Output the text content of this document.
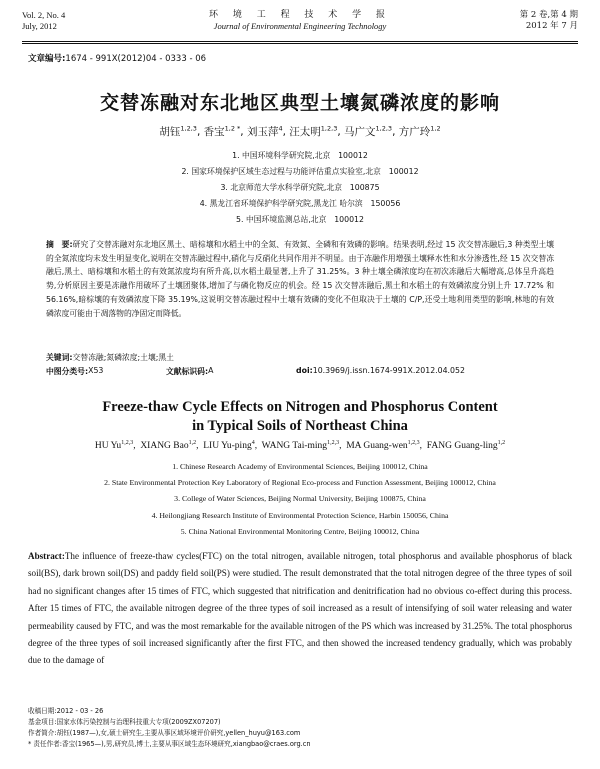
Vol. 2, No. 4
July, 2012
环 境 工 程 技 术 学 报
Journal of Environmental Engineering Technology
第 2 卷,第 4 期
2012 年 7 月
文章编号:1674 - 991X(2012)04 - 0333 - 06
交替冻融对东北地区典型土壤氮磷浓度的影响
胡钰$^{1,2,3}$, 香宝$^{1,2 *}$, 刘玉萍$^4$, 汪太明$^{1,2,3}$, 马广文$^{1,2,3}$, 方广玲$^{1,2}$
1. 中国环境科学研究院,北京　100012
2. 国家环境保护区域生态过程与功能评估重点实验室,北京　100012
3. 北京师范大学水科学研究院,北京　100875
4. 黑龙江省环境保护科学研究院,黑龙江 哈尔滨　150056
5. 中国环境监测总站,北京　100012
摘　要:研究了交替冻融对东北地区黑土、暗棕壤和水稻土中的全氮、有效氮、全磷和有效磷的影响。结果表明,经过 15 次交替冻融后,3 种类型土壤的全氮浓度均未发生明显变化,说明在交替冻融过程中,硝化与反硝化共同作用并不明显。由于冻融作用增强土壤释水性和水分渗透性,经 15 次交替冻融后,黑土、暗棕壤和水稻土的有效氮浓度均有所升高,以水稻土最显著,上升了 31.25%。3 种土壤全磷浓度均在初次冻融后大幅增高,总体呈升高趋势,分析原因主要是冻融作用破坏了土壤团聚体,增加了与磷化物反应的机会。经 15 次交替冻融后,黑土和水稻土的有效磷浓度分别上升 17.72% 和 56.16%,暗棕壤的有效磷浓度下降 35.19%,这说明交替冻融过程中土壤有效磷的变化不但取决于土壤的 C/P,还受土地利用类型的影响,林地的有效磷浓度可能由于凋落物的净固定而降低。
关键词:交替冻融;氮磷浓度;土壤;黑土
中图分类号: X53	文献标识码: A	doi: 10.3969/j.issn.1674-991X.2012.04.052
Freeze-thaw Cycle Effects on Nitrogen and Phosphorus Content
in Typical Soils of Northeast China
HU Yu$^{1,2,3}$,  XIANG Bao$^{1,2}$,  LIU Yu-ping$^4$,  WANG Tai-ming$^{1,2,3}$,  MA Guang-wen$^{1,2,3}$,  FANG Guang-ling$^{1,2}$
1. Chinese Research Academy of Environmental Sciences, Beijing 100012, China
2. State Environmental Protection Key Laboratory of Regional Eco-process and Function Assessment, Beijing 100012, China
3. College of Water Sciences, Beijing Normal University, Beijing 100875, China
4. Heilongjiang Research Institute of Environmental Protection Science, Harbin 150056, China
5. China National Environmental Monitoring Centre, Beijing 100012, China
Abstract:The influence of freeze-thaw cycles(FTC) on the total nitrogen, available nitrogen, total phosphorus and available phosphorus of black soil(BS), dark brown soil(DS) and paddy field soil(PS) were studied. The result demonstrated that the total nitrogen degree of the three types of soil had no significant changes after 15 times of FTC, which suggested that nitrification and denitrification had no obvious co-effect during this process. After 15 times of FTC, the available nitrogen degree of the three types of soil increased as a result of intensifying of soil water releasing and water permeability caused by FTC, and was the most remarkable for the available nitrogen of the PS which was increased by 31.25%. The total phosphorus degree of the three types of soil increased significantly after the first FTC, and then showed the increased tendency gradually, which was probably due to the damage of
收稿日期:2012 - 03 - 26
基金项目:国家水体污染控制与治理科技重大专项(2009ZX07207)
作者简介:胡钰(1987—),女,硕士研究生,主要从事区域环境评价研究,yellen_huyu@163.com
* 责任作者:香宝(1965—),男,研究员,博士,主要从事区域生态环境研究,xiangbao@craes.org.cn
